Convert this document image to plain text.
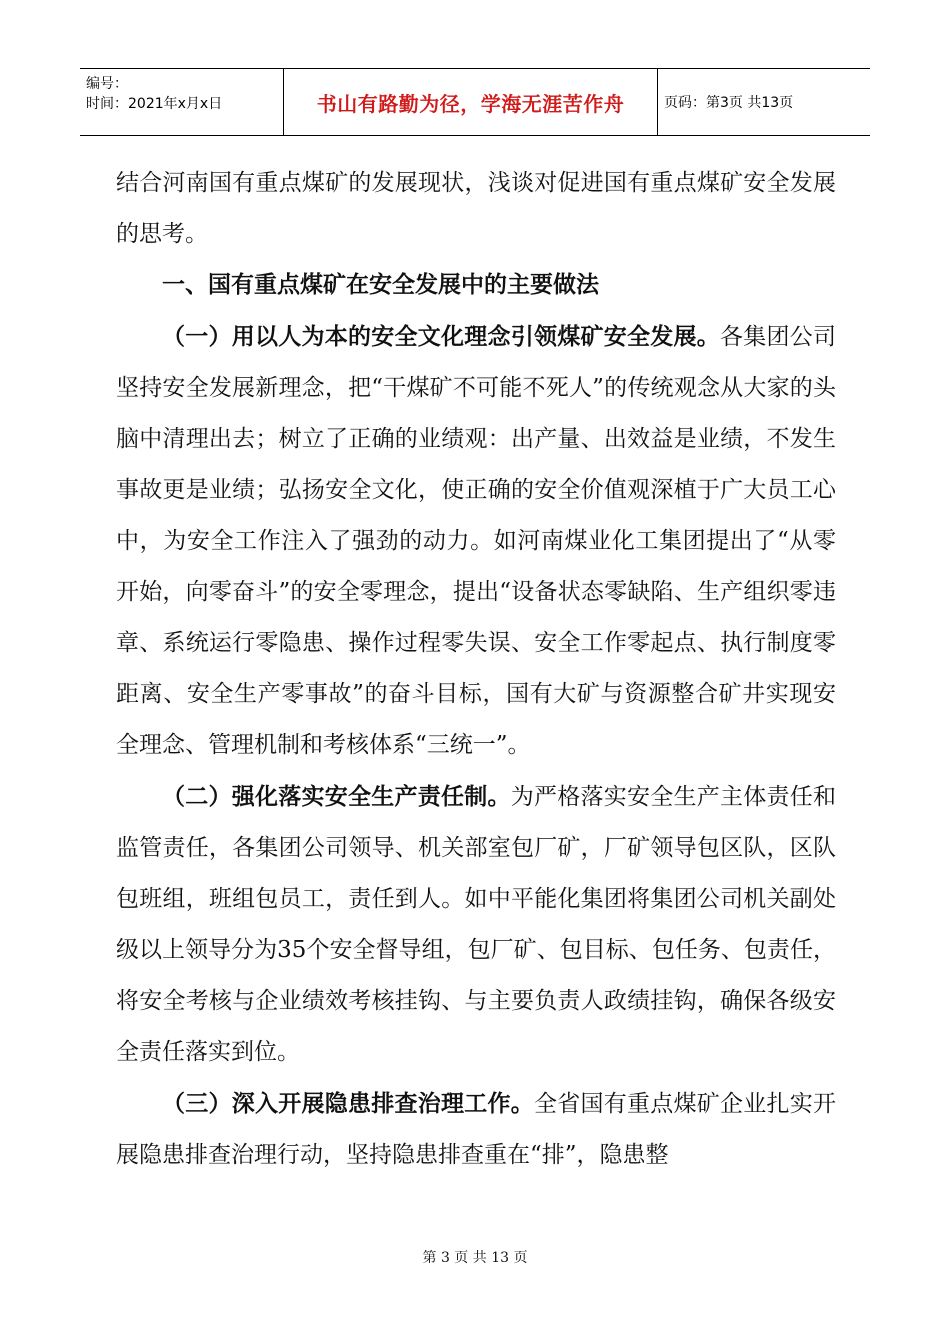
编号：
时间：2021年x月x日	书山有路勤为径，学海无涯苦作舟	页码：第3页 共13页

结合河南国有重点煤矿的发展现状，浅谈对促进国有重点煤矿安全发展的思考。

一、国有重点煤矿在安全发展中的主要做法

（一）用以人为本的安全文化理念引领煤矿安全发展。各集团公司坚持安全发展新理念，把“干煤矿不可能不死人”的传统观念从大家的头脑中清理出去；树立了正确的业绩观：出产量、出效益是业绩，不发生事故更是业绩；弘扬安全文化，使正确的安全价值观深植于广大员工心中，为安全工作注入了强劲的动力。如河南煤业化工集团提出了“从零开始，向零奋斗”的安全零理念，提出“设备状态零缺陷、生产组织零违章、系统运行零隐患、操作过程零失误、安全工作零起点、执行制度零距离、安全生产零事故”的奋斗目标，国有大矿与资源整合矿井实现安全理念、管理机制和考核体系“三统一”。

（二）强化落实安全生产责任制。为严格落实安全生产主体责任和监管责任，各集团公司领导、机关部室包厂矿，厂矿领导包区队，区队包班组，班组包员工，责任到人。如中平能化集团将集团公司机关副处级以上领导分为35个安全督导组，包厂矿、包目标、包任务、包责任，将安全考核与企业绩效考核挂钩、与主要负责人政绩挂钩，确保各级安全责任落实到位。

（三）深入开展隐患排查治理工作。全省国有重点煤矿企业扎实开展隐患排查治理行动，坚持隐患排查重在“排”，隐患整

第 3 页 共 13 页
